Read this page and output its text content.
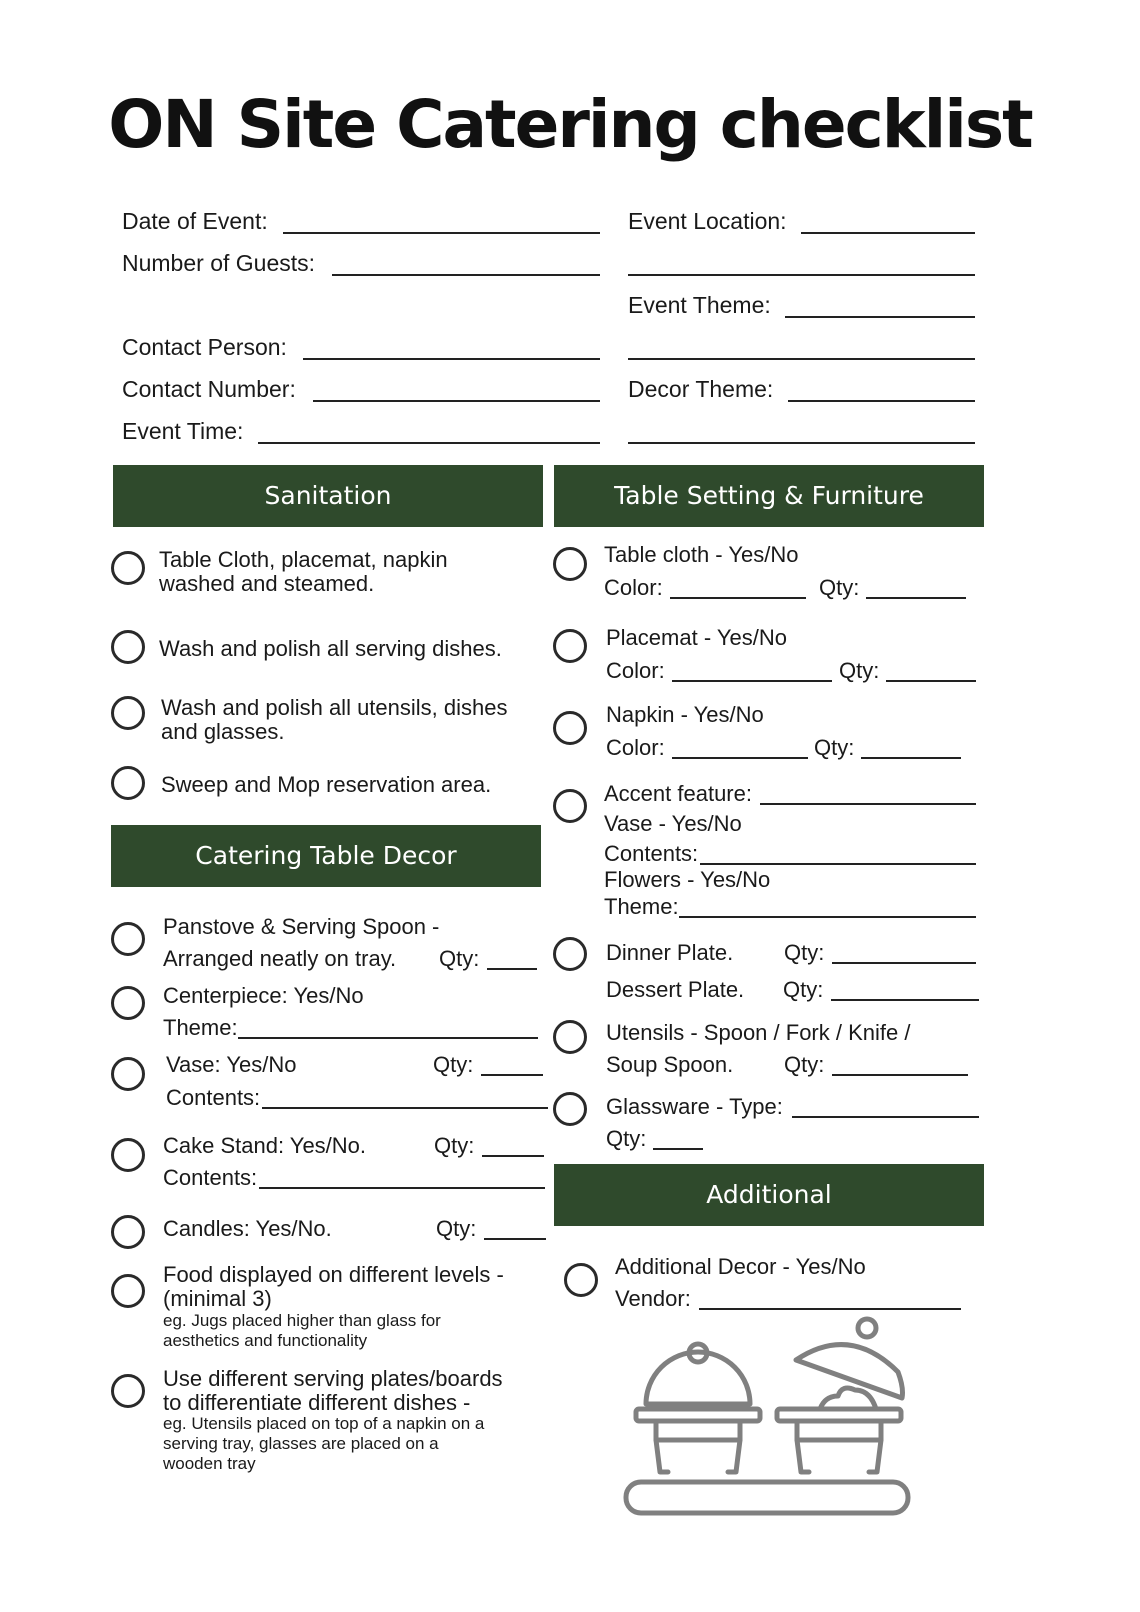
ON Site Catering checklist
Date of Event:
Number of Guests:
Contact Person:
Contact Number:
Event Time:
Event Location:
Event Theme:
Decor Theme:
Sanitation	Table Setting & Furniture
Catering Table Decor
Additional
Table Cloth, placemat, napkin
washed and steamed.
Wash and polish all serving dishes.
Wash and polish all utensils, dishes
and glasses.
Sweep and Mop reservation area.
Panstove & Serving Spoon -
Arranged neatly on tray. Qty:
Centerpiece: Yes/No
Theme:
Vase: Yes/No	Qty:
Contents:
Cake Stand: Yes/No.	Qty:
Contents:
Candles: Yes/No.	Qty:
Food displayed on different levels -
(minimal 3)
eg. Jugs placed higher than glass for
aesthetics and functionality
Use different serving plates/boards
to differentiate different dishes -
eg. Utensils placed on top of a napkin on a
serving tray, glasses are placed on a
wooden tray
Table cloth - Yes/No
Color:	Qty:
Placemat - Yes/No
Color:	Qty:
Napkin - Yes/No
Color:	Qty:
Accent feature:
Vase - Yes/No
Contents:
Flowers - Yes/No
Theme:
Dinner Plate. Qty:
Dessert Plate. Qty:
Utensils - Spoon / Fork / Knife /
Soup Spoon. Qty:
Glassware - Type:
Qty:
Additional Decor - Yes/No
Vendor:
